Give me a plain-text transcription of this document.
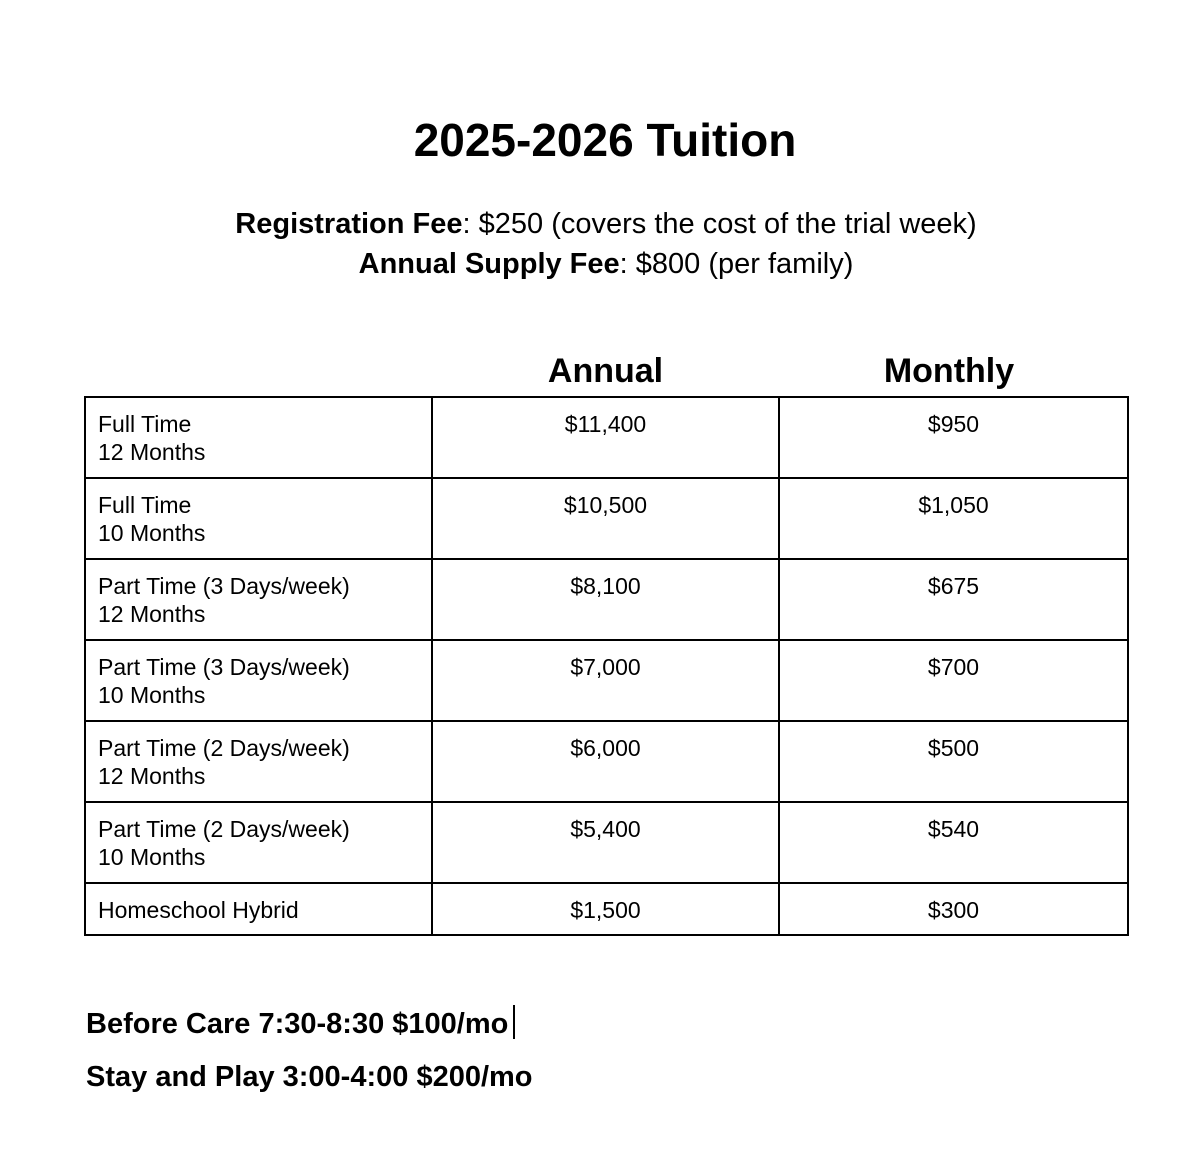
2025-2026 Tuition
Registration Fee: $250 (covers the cost of the trial week)
Annual Supply Fee: $800 (per family)
Annual	Monthly
Full Time
12 Months	$11,400	$950

Full Time
10 Months	$10,500	$1,050

Part Time (3 Days/week)
12 Months	$8,100	$675

Part Time (3 Days/week)
10 Months	$7,000	$700

Part Time (2 Days/week)
12 Months	$6,000	$500

Part Time (2 Days/week)
10 Months	$5,400	$540

Homeschool Hybrid	$1,500	$300
Before Care 7:30-8:30 $100/mo
Stay and Play 3:00-4:00 $200/mo
